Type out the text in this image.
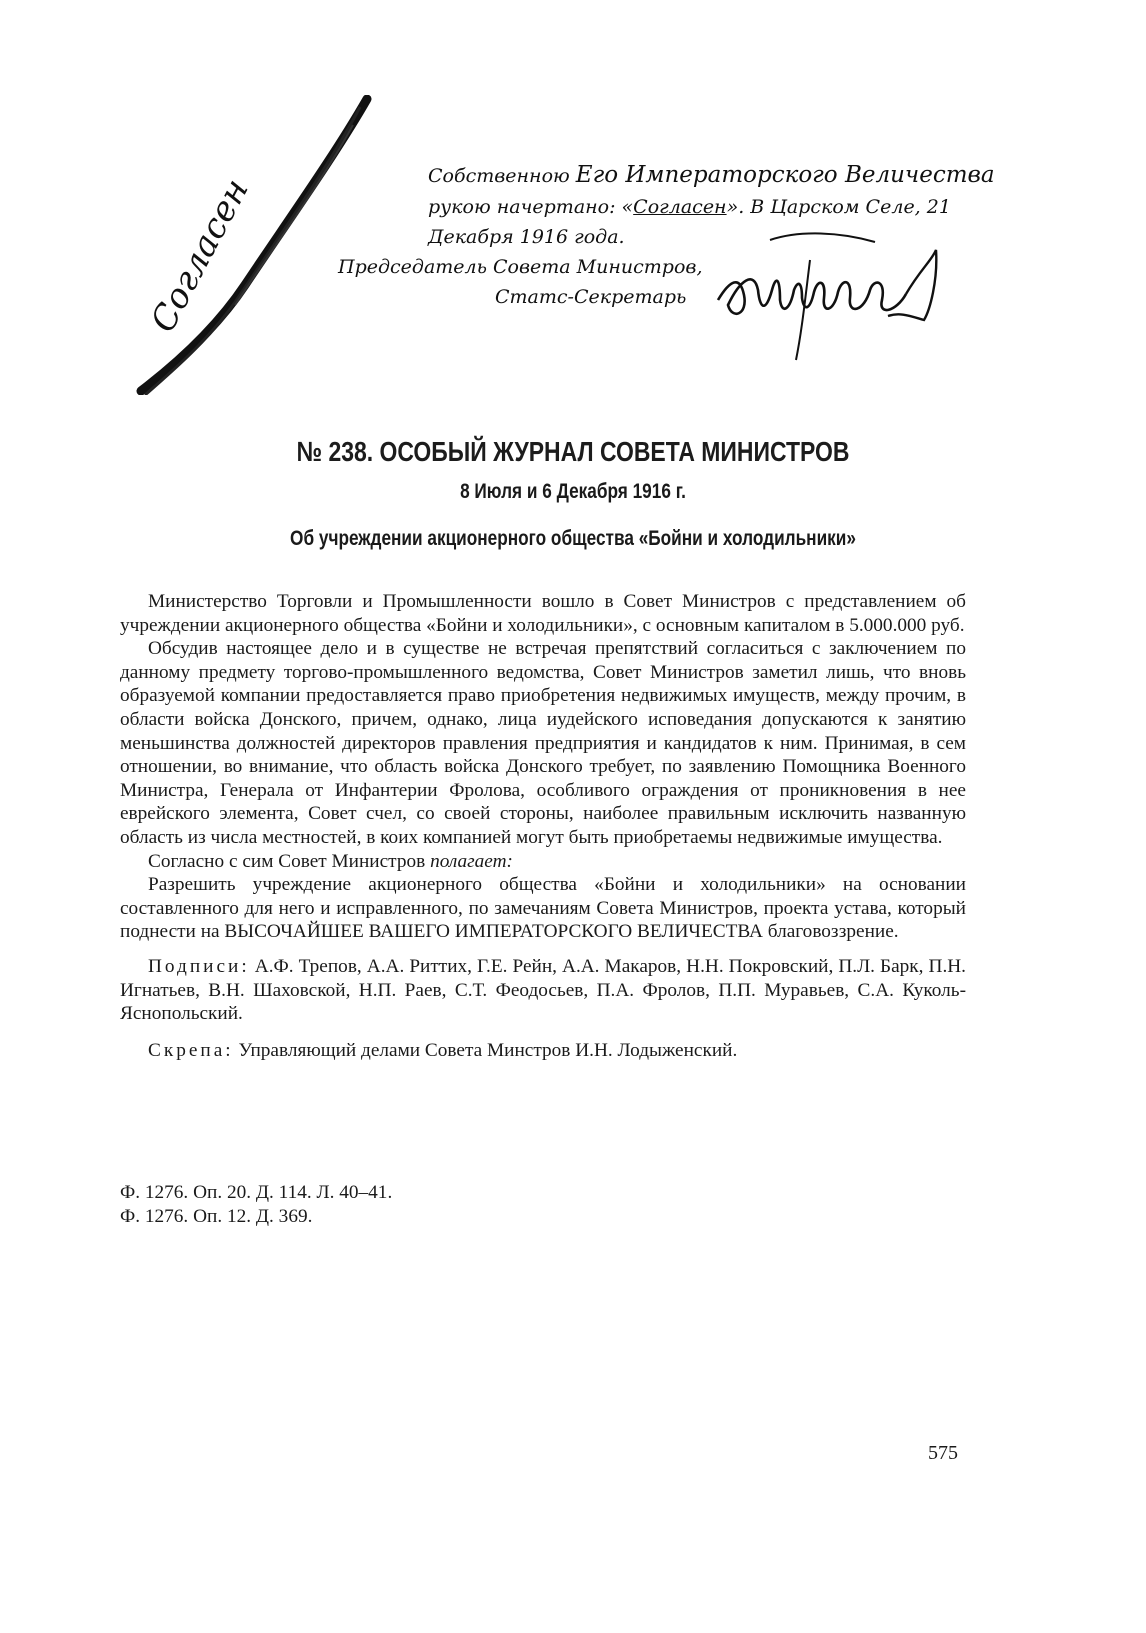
Согласен	Собственною Его Императорского Величества
рукою начертано: «Согласен». В Царском Селе, 21
Декабря 1916 года.
Председатель Совета Министров,
Статс-Секретарь
№ 238. ОСОБЫЙ ЖУРНАЛ СОВЕТА МИНИСТРОВ
8 Июля и 6 Декабря 1916 г.
Об учреждении акционерного общества «Бойни и холодильники»

Министерство Торговли и Промышленности вошло в Совет Министров с представлением об учреждении акционерного общества «Бойни и холодильники», с основным капиталом в 5.000.000 руб.

Обсудив настоящее дело и в существе не встречая препятствий согласиться с заключением по данному предмету торгово-промышленного ведомства, Совет Министров заметил лишь, что вновь образуемой компании предоставляется право приобретения недвижимых имуществ, между прочим, в области войска Донского, причем, однако, лица иудейского исповедания допускаются к занятию меньшинства должностей директоров правления предприятия и кандидатов к ним. Принимая, в сем отношении, во внимание, что область войска Донского требует, по заявлению Помощника Военного Министра, Генерала от Инфантерии Фролова, особливого ограждения от проникновения в нее еврейского элемента, Совет счел, со своей стороны, наиболее правильным исключить названную область из числа местностей, в коих компанией могут быть приобретаемы недвижимые имущества.

Согласно с сим Совет Министров полагает:

Разрешить учреждение акционерного общества «Бойни и холодильники» на основании составленного для него и исправленного, по замечаниям Совета Министров, проекта устава, который поднести на ВЫСОЧАЙШЕЕ ВАШЕГО ИМПЕРАТОРСКОГО ВЕЛИЧЕСТВА благовоззрение.

Подписи: А.Ф. Трепов, А.А. Риттих, Г.Е. Рейн, А.А. Макаров, Н.Н. Покровский, П.Л. Барк, П.Н. Игнатьев, В.Н. Шаховской, Н.П. Раев, С.Т. Феодосьев, П.А. Фролов, П.П. Муравьев, С.А. Куколь-Яснопольский.

Скрепа: Управляющий делами Совета Минстров И.Н. Лодыженский.

Ф. 1276. Оп. 20. Д. 114. Л. 40–41.
Ф. 1276. Оп. 12. Д. 369.
575
